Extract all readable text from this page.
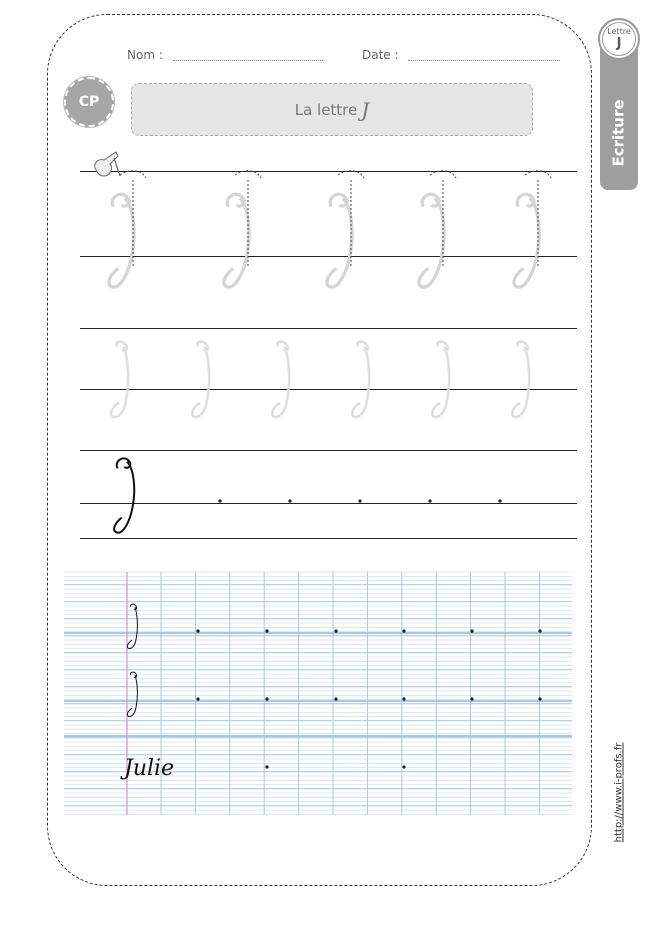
Nom :	Date :
CP	La lettre J
Lettre
J
Ecriture
Julie	http://www.i-profs.fr
